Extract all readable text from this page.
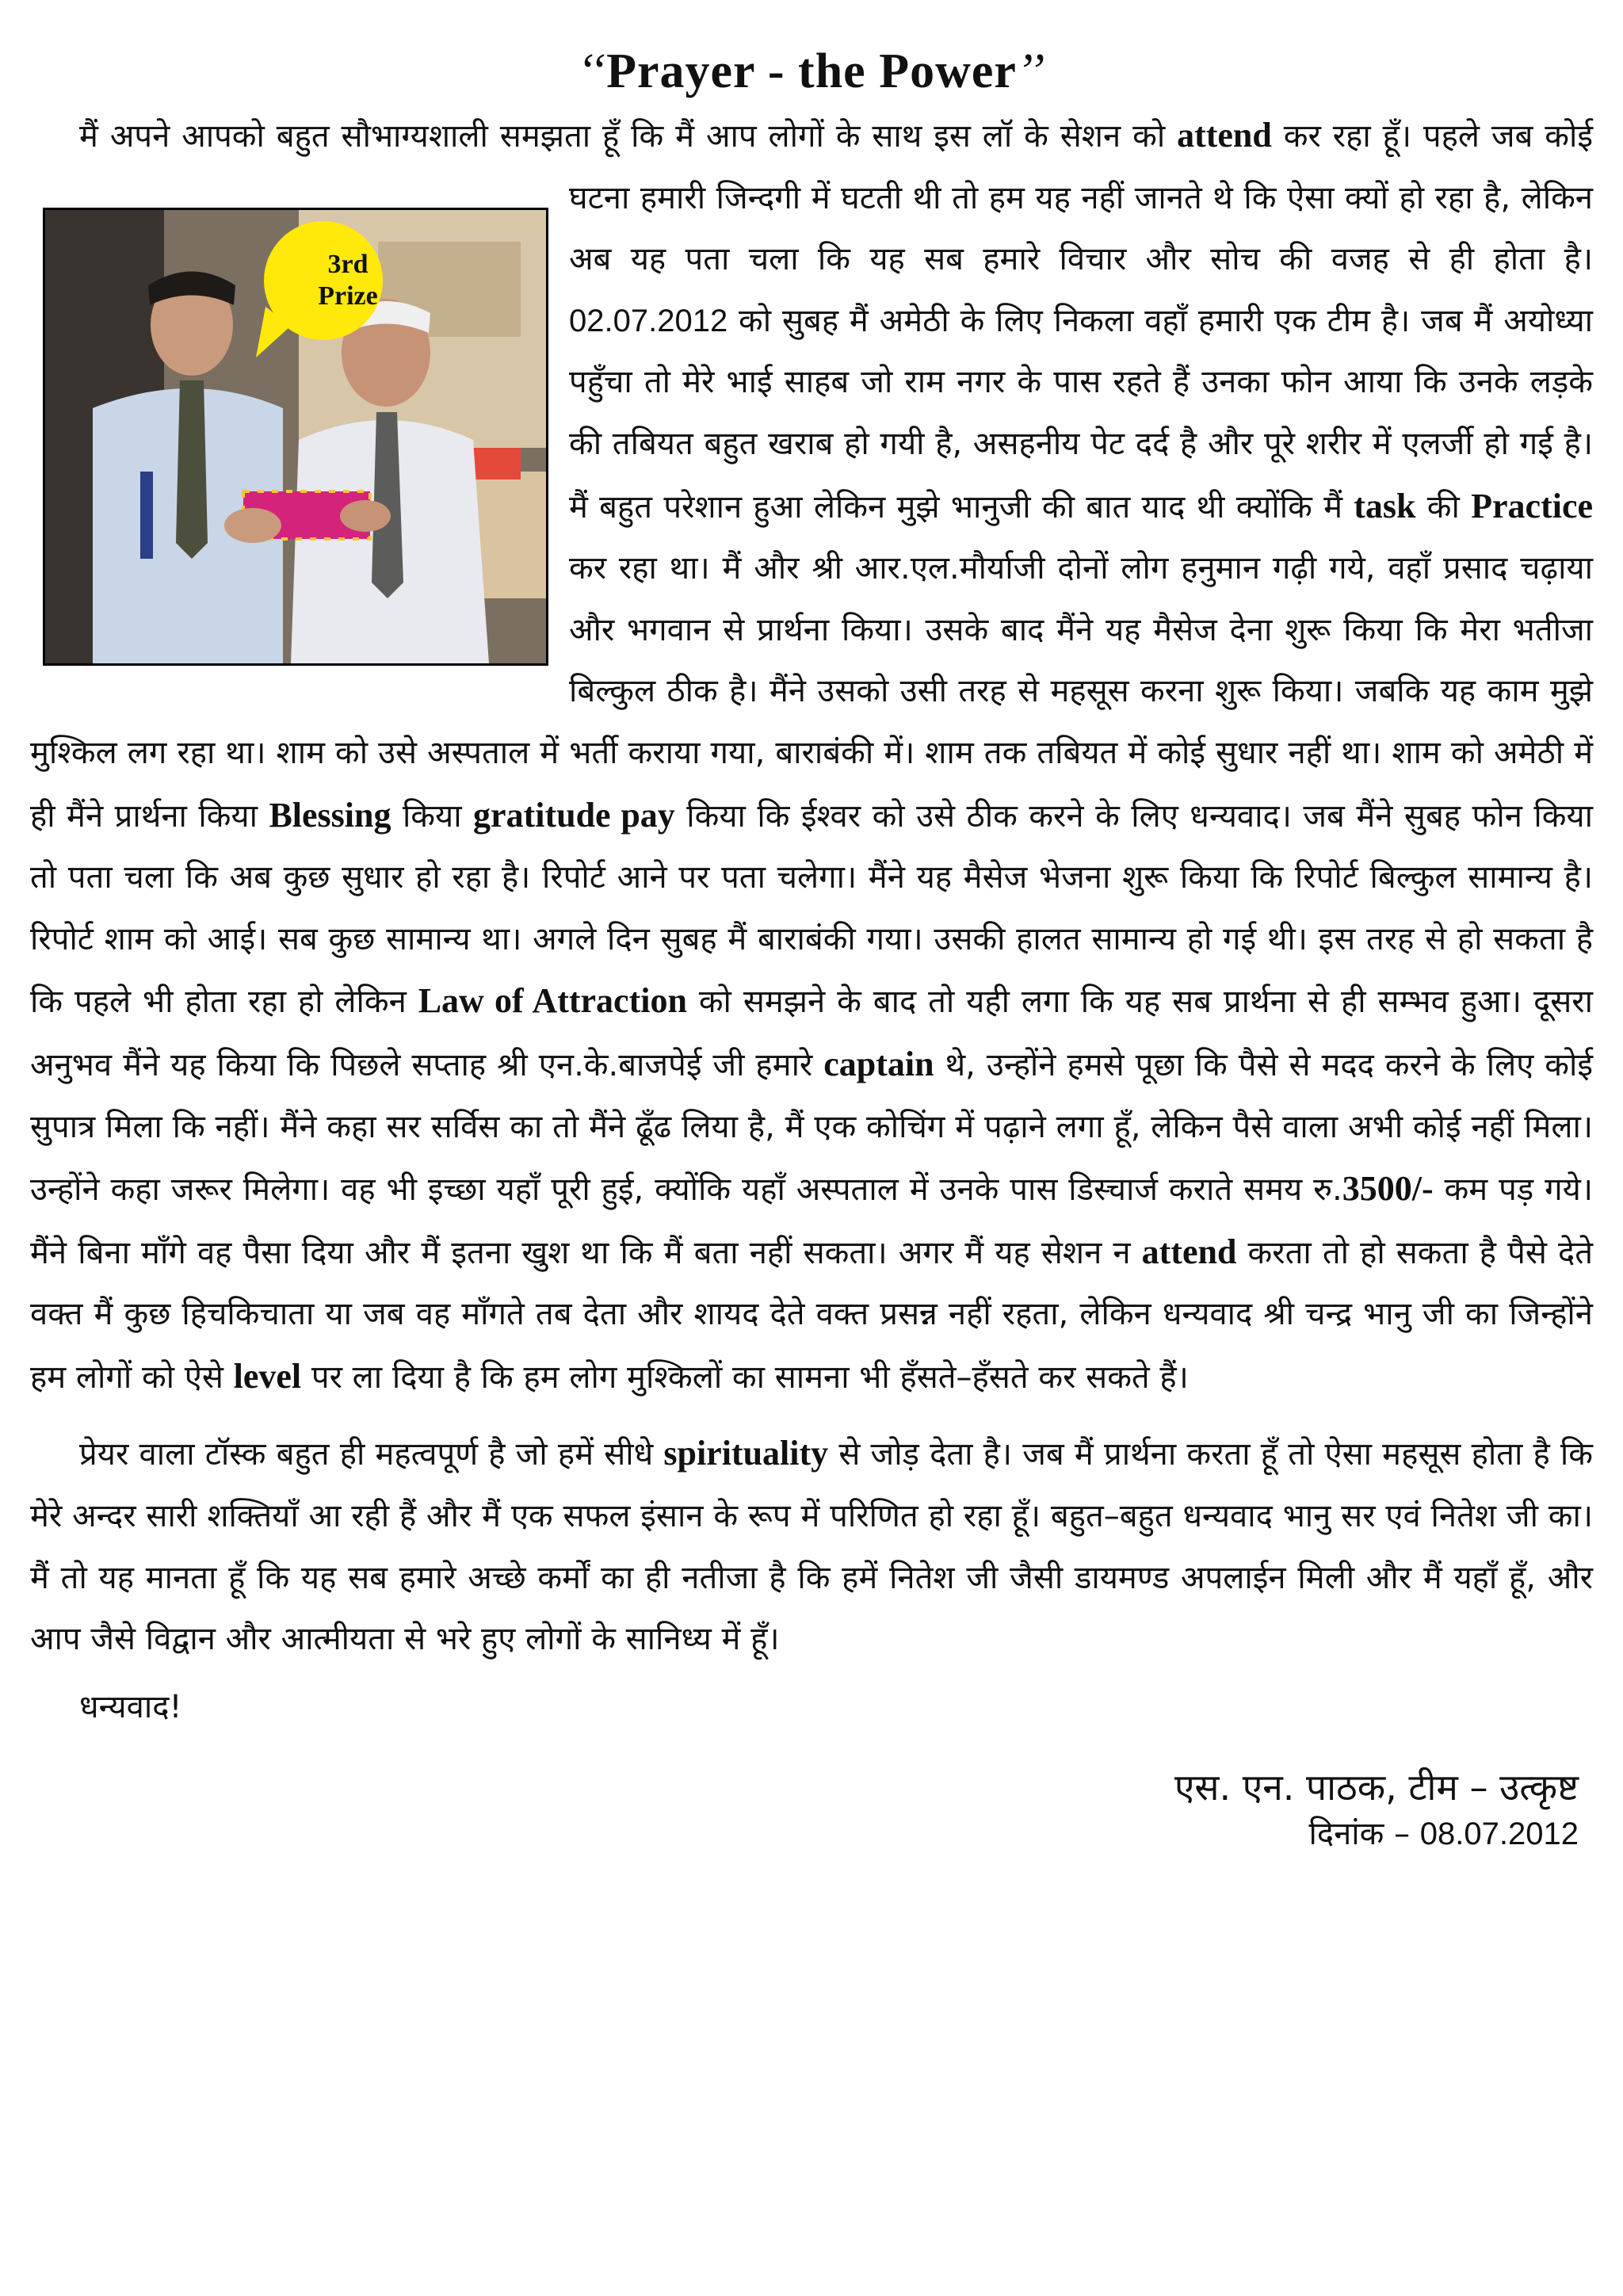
‘‘Prayer - the Power’’
मैं अपने आपको बहुत सौभाग्यशाली समझता हूँ कि मैं आप लोगों के साथ इस लॉ के सेशन को
3rd
Prize
attend कर रहा हूँ। पहले जब कोई घटना हमारी जिन्दगी में घटती थी तो हम यह नहीं जानते थे कि ऐसा क्यों हो रहा है, लेकिन अब यह पता चला कि यह सब हमारे विचार और सोच की वजह से ही होता है। 02.07.2012 को सुबह मैं अमेठी के लिए निकला वहाँ हमारी एक टीम है। जब मैं अयोध्या पहुँचा तो मेरे भाई साहब जो राम नगर के पास रहते हैं उनका फोन आया कि उनके लड़के की तबियत बहुत खराब हो गयी है, असहनीय पेट दर्द है और पूरे शरीर में एलर्जी हो गई है। मैं बहुत परेशान हुआ लेकिन मुझे भानुजी की बात याद थी क्योंकि मैं task की Practice कर रहा था। मैं और श्री आर.एल.मौर्याजी दोनों लोग हनुमान गढ़ी गये, वहाँ प्रसाद चढ़ाया और भगवान से प्रार्थना किया। उसके बाद मैंने यह मैसेज देना शुरू किया कि मेरा भतीजा बिल्कुल ठीक है। मैंने उसको उसी तरह से महसूस करना शुरू किया। जबकि यह काम मुझे मुश्किल लग रहा था। शाम को उसे अस्पताल में भर्ती कराया गया, बाराबंकी में। शाम तक तबियत में कोई सुधार नहीं था। शाम को अमेठी में ही मैंने प्रार्थना किया Blessing किया gratitude pay किया कि ईश्वर को उसे ठीक करने के लिए धन्यवाद। जब मैंने सुबह फोन किया तो पता चला कि अब कुछ सुधार हो रहा है। रिपोर्ट आने पर पता चलेगा। मैंने यह मैसेज भेजना शुरू किया कि रिपोर्ट बिल्कुल सामान्य है। रिपोर्ट शाम को आई। सब कुछ सामान्य था। अगले दिन सुबह मैं बाराबंकी गया। उसकी हालत सामान्य हो गई थी। इस तरह से हो सकता है कि पहले भी होता रहा हो लेकिन Law of Attraction को समझने के बाद तो यही लगा कि यह सब प्रार्थना से ही सम्भव हुआ। दूसरा अनुभव मैंने यह किया कि पिछले सप्ताह श्री एन.के.बाजपेई जी हमारे captain थे, उन्होंने हमसे पूछा कि पैसे से मदद करने के लिए कोई सुपात्र मिला कि नहीं। मैंने कहा सर सर्विस का तो मैंने ढूँढ लिया है, मैं एक कोचिंग में पढ़ाने लगा हूँ, लेकिन पैसे वाला अभी कोई नहीं मिला। उन्होंने कहा जरूर मिलेगा। वह भी इच्छा यहाँ पूरी हुई, क्योंकि यहाँ अस्पताल में उनके पास डिस्चार्ज कराते समय रु.3500/- कम पड़ गये। मैंने बिना माँगे वह पैसा दिया और मैं इतना खुश था कि मैं बता नहीं सकता। अगर मैं यह सेशन न attend करता तो हो सकता है पैसे देते वक्त मैं कुछ हिचकिचाता या जब वह माँगते तब देता और शायद देते वक्त प्रसन्न नहीं रहता, लेकिन धन्यवाद श्री चन्द्र भानु जी का जिन्होंने हम लोगों को ऐसे level पर ला दिया है कि हम लोग मुश्किलों का सामना भी हँसते–हँसते कर सकते हैं।
प्रेयर वाला टॉस्क बहुत ही महत्वपूर्ण है जो हमें सीधे spirituality से जोड़ देता है। जब मैं प्रार्थना करता हूँ तो ऐसा महसूस होता है कि मेरे अन्दर सारी शक्तियाँ आ रही हैं और मैं एक सफल इंसान के रूप में परिणित हो रहा हूँ। बहुत–बहुत धन्यवाद भानु सर एवं नितेश जी का। मैं तो यह मानता हूँ कि यह सब हमारे अच्छे कर्मों का ही नतीजा है कि हमें नितेश जी जैसी डायमण्ड अपलाईन मिली और मैं यहाँ हूँ, और आप जैसे विद्वान और आत्मीयता से भरे हुए लोगों के सानिध्य में हूँ।

धन्यवाद!

एस. एन. पाठक, टीम – उत्कृष्ट

दिनांक – 08.07.2012
